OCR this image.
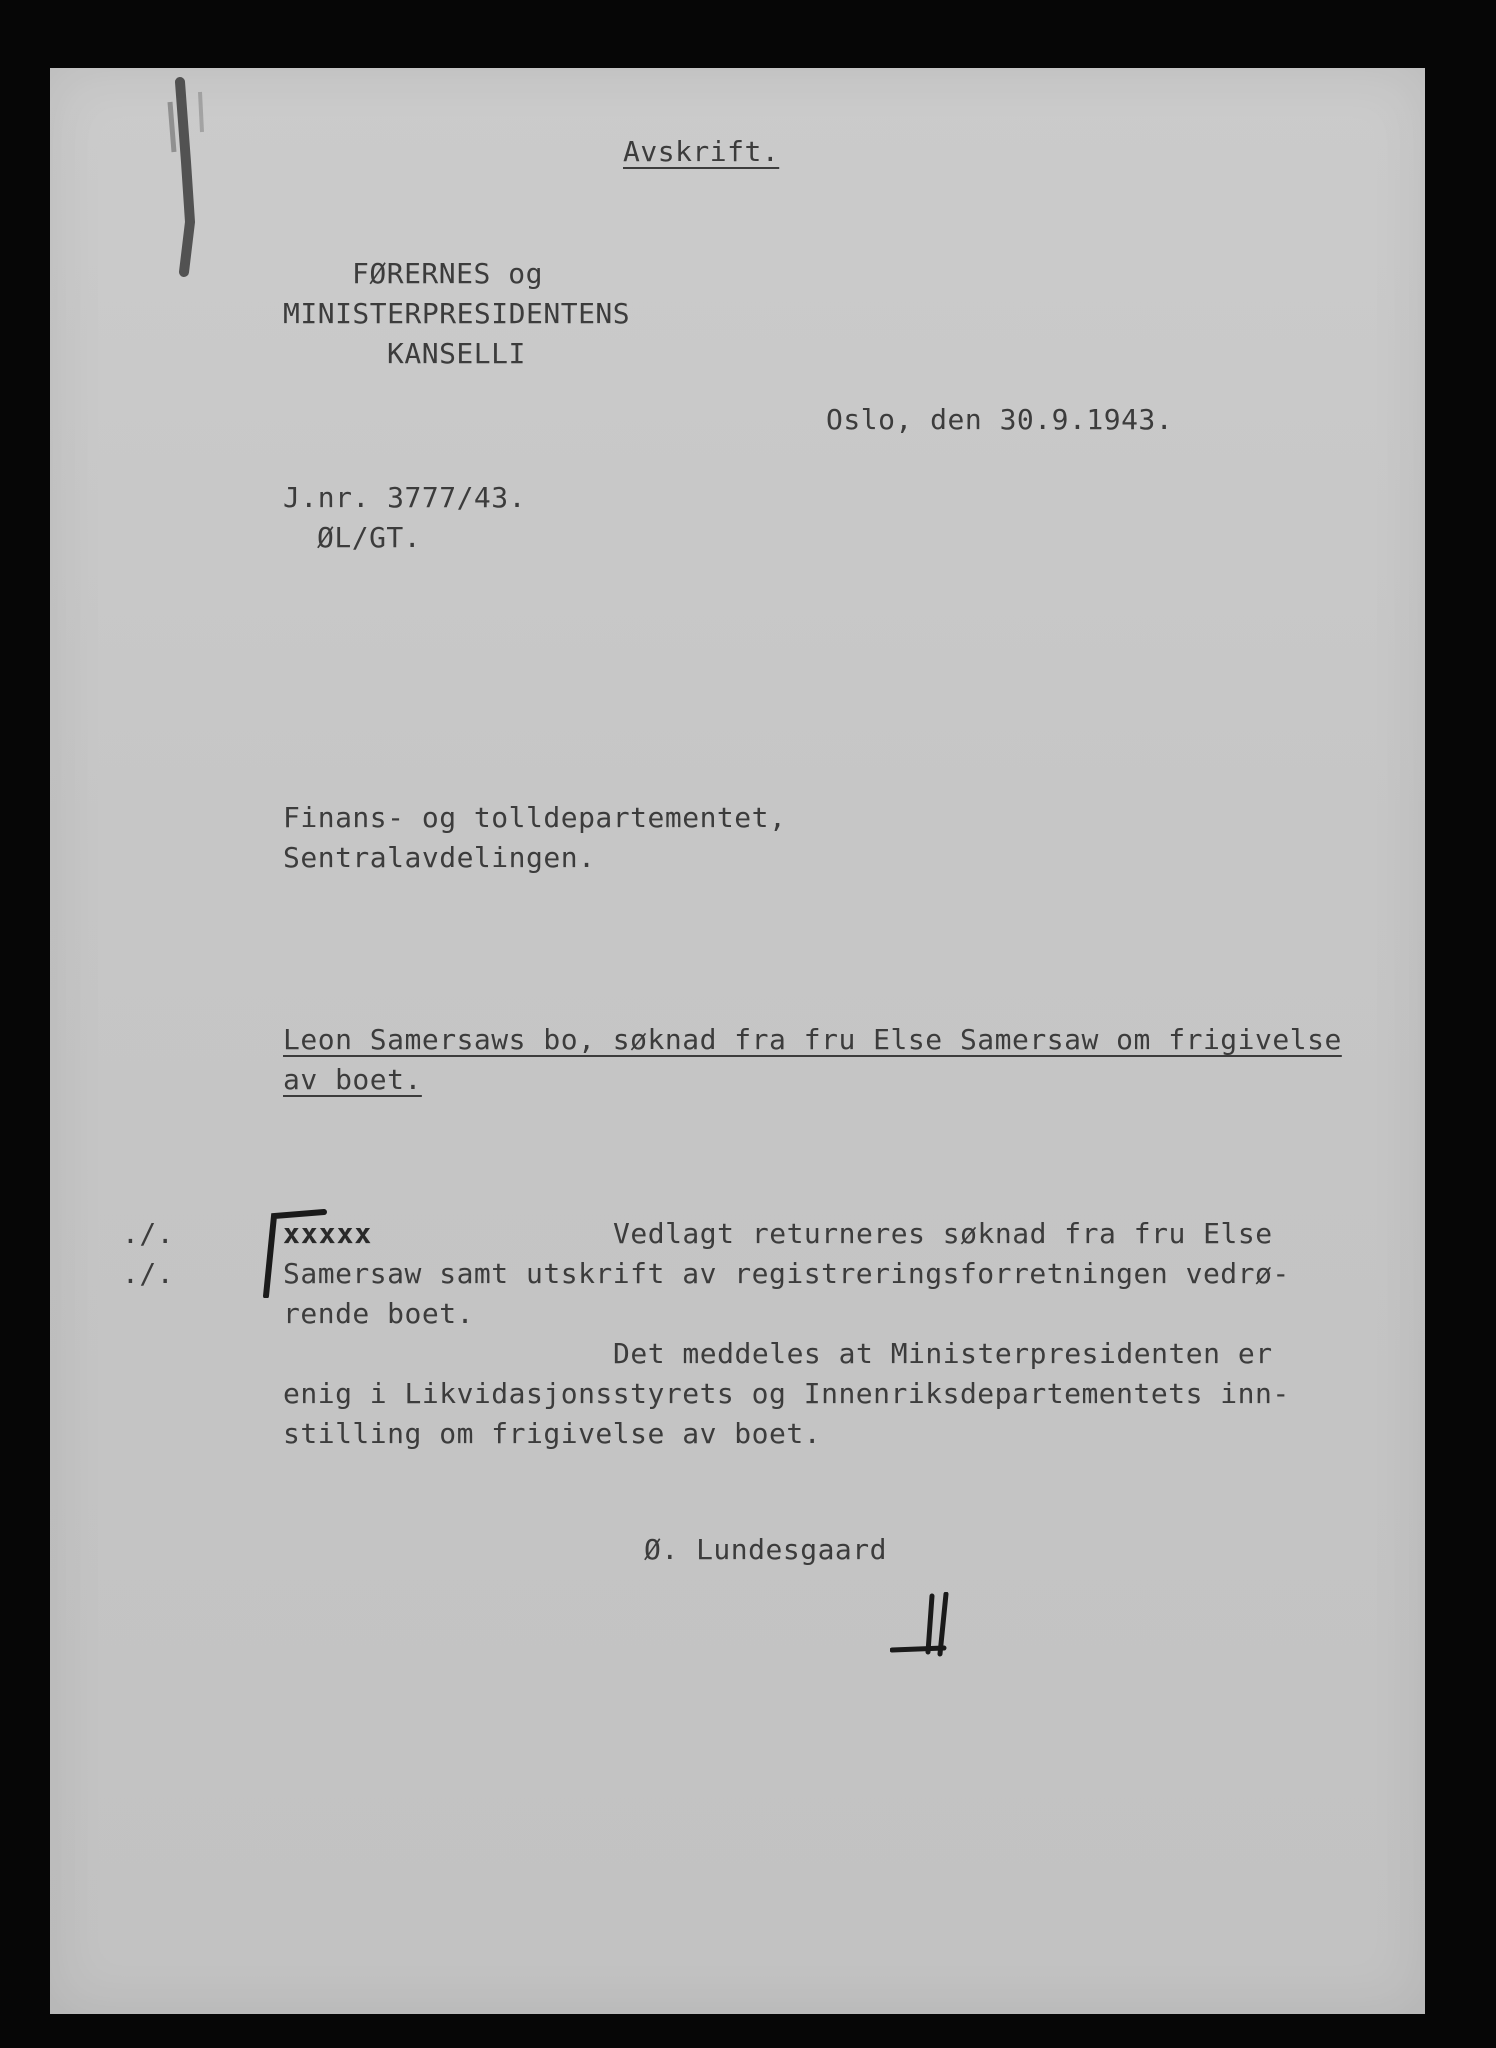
Avskrift.
FØRERNES og
MINISTERPRESIDENTENS
KANSELLI
Oslo, den 30.9.1943.
J.nr. 3777/43.
ØL/GT.
Finans- og tolldepartementet,
Sentralavdelingen.
Leon Samersaws bo, søknad fra fru Else Samersaw om frigivelse
av boet.
./.
./.
xxxxx	Vedlagt returneres søknad fra fru Else
Samersaw samt utskrift av registreringsforretningen vedrø-
rende boet.
Det meddeles at Ministerpresidenten er
enig i Likvidasjonsstyrets og Innenriksdepartementets inn-
stilling om frigivelse av boet.
Ø. Lundesgaard
